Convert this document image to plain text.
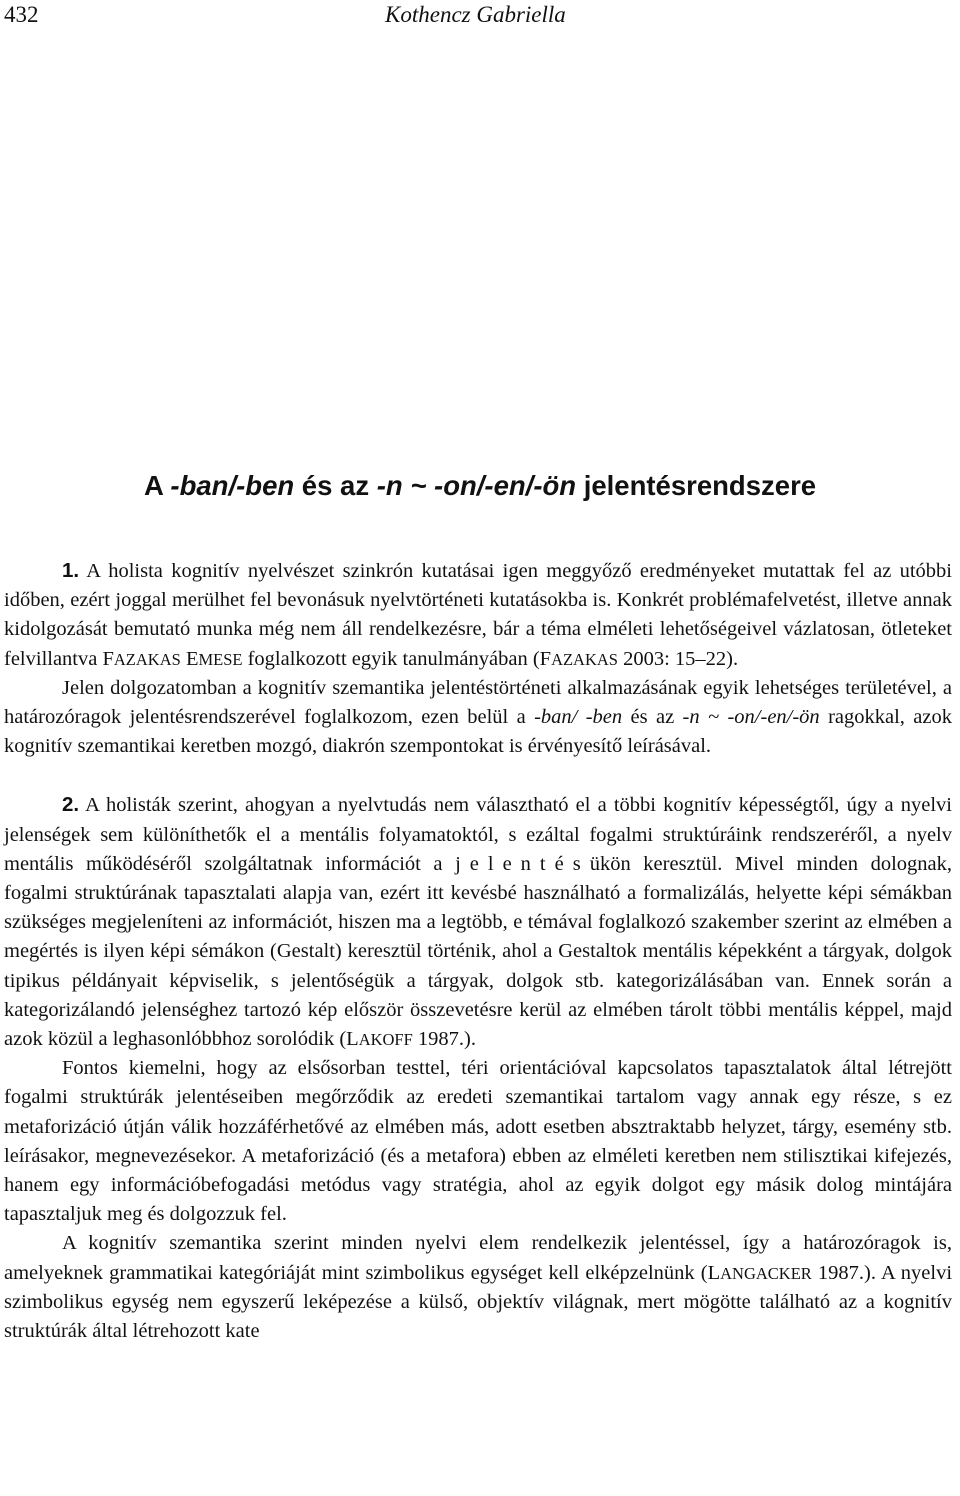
432	Kothencz Gabriella
A -ban/-ben és az -n ~ -on/-en/-ön jelentésrendszere

1. A holista kognitív nyelvészet szinkrón kutatásai igen meggyőző eredményeket mutattak fel az utóbbi időben, ezért joggal merülhet fel bevonásuk nyelvtörténeti kutatásokba is. Konkrét problémafelvetést, illetve annak kidolgozását bemutató munka még nem áll rendelkezésre, bár a téma elméleti lehetőségeivel vázlatosan, ötleteket felvillantva FAZAKAS EMESE foglalkozott egyik tanulmányában (FAZAKAS 2003: 15–22).

Jelen dolgozatomban a kognitív szemantika jelentéstörténeti alkalmazásának egyik lehetséges területével, a határozóragok jelentésrendszerével foglalkozom, ezen belül a -ban/ -ben és az -n ~ -on/-en/-ön ragokkal, azok kognitív szemantikai keretben mozgó, diakrón szempontokat is érvényesítő leírásával.

2. A holisták szerint, ahogyan a nyelvtudás nem választható el a többi kognitív képességtől, úgy a nyelvi jelenségek sem különíthetők el a mentális folyamatoktól, s ezáltal fogalmi struktúráink rendszeréről, a nyelv mentális működéséről szolgáltatnak információt a jelentésükön keresztül. Mivel minden dolognak, fogalmi struktúrának tapasztalati alapja van, ezért itt kevésbé használható a formalizálás, helyette képi sémákban szükséges megjeleníteni az információt, hiszen ma a legtöbb, e témával foglalkozó szakember szerint az elmében a megértés is ilyen képi sémákon (Gestalt) keresztül történik, ahol a Gestaltok mentális képekként a tárgyak, dolgok tipikus példányait képviselik, s jelentőségük a tárgyak, dolgok stb. kategorizálásában van. Ennek során a kategorizálandó jelenséghez tartozó kép először összevetésre kerül az elmében tárolt többi mentális képpel, majd azok közül a leghasonlóbbhoz sorolódik (LAKOFF 1987.).

Fontos kiemelni, hogy az elsősorban testtel, téri orientációval kapcsolatos tapasztalatok által létrejött fogalmi struktúrák jelentéseiben megőrződik az eredeti szemantikai tartalom vagy annak egy része, s ez metaforizáció útján válik hozzáférhetővé az elmében más, adott esetben absztraktabb helyzet, tárgy, esemény stb. leírásakor, megnevezésekor. A metaforizáció (és a metafora) ebben az elméleti keretben nem stilisztikai kifejezés, hanem egy információbefogadási metódus vagy stratégia, ahol az egyik dolgot egy másik dolog mintájára tapasztaljuk meg és dolgozzuk fel.

A kognitív szemantika szerint minden nyelvi elem rendelkezik jelentéssel, így a határozóragok is, amelyeknek grammatikai kategóriáját mint szimbolikus egységet kell elképzelnünk (LANGACKER 1987.). A nyelvi szimbolikus egység nem egyszerű leképezése a külső, objektív világnak, mert mögötte található az a kognitív struktúrák által létrehozott kate
